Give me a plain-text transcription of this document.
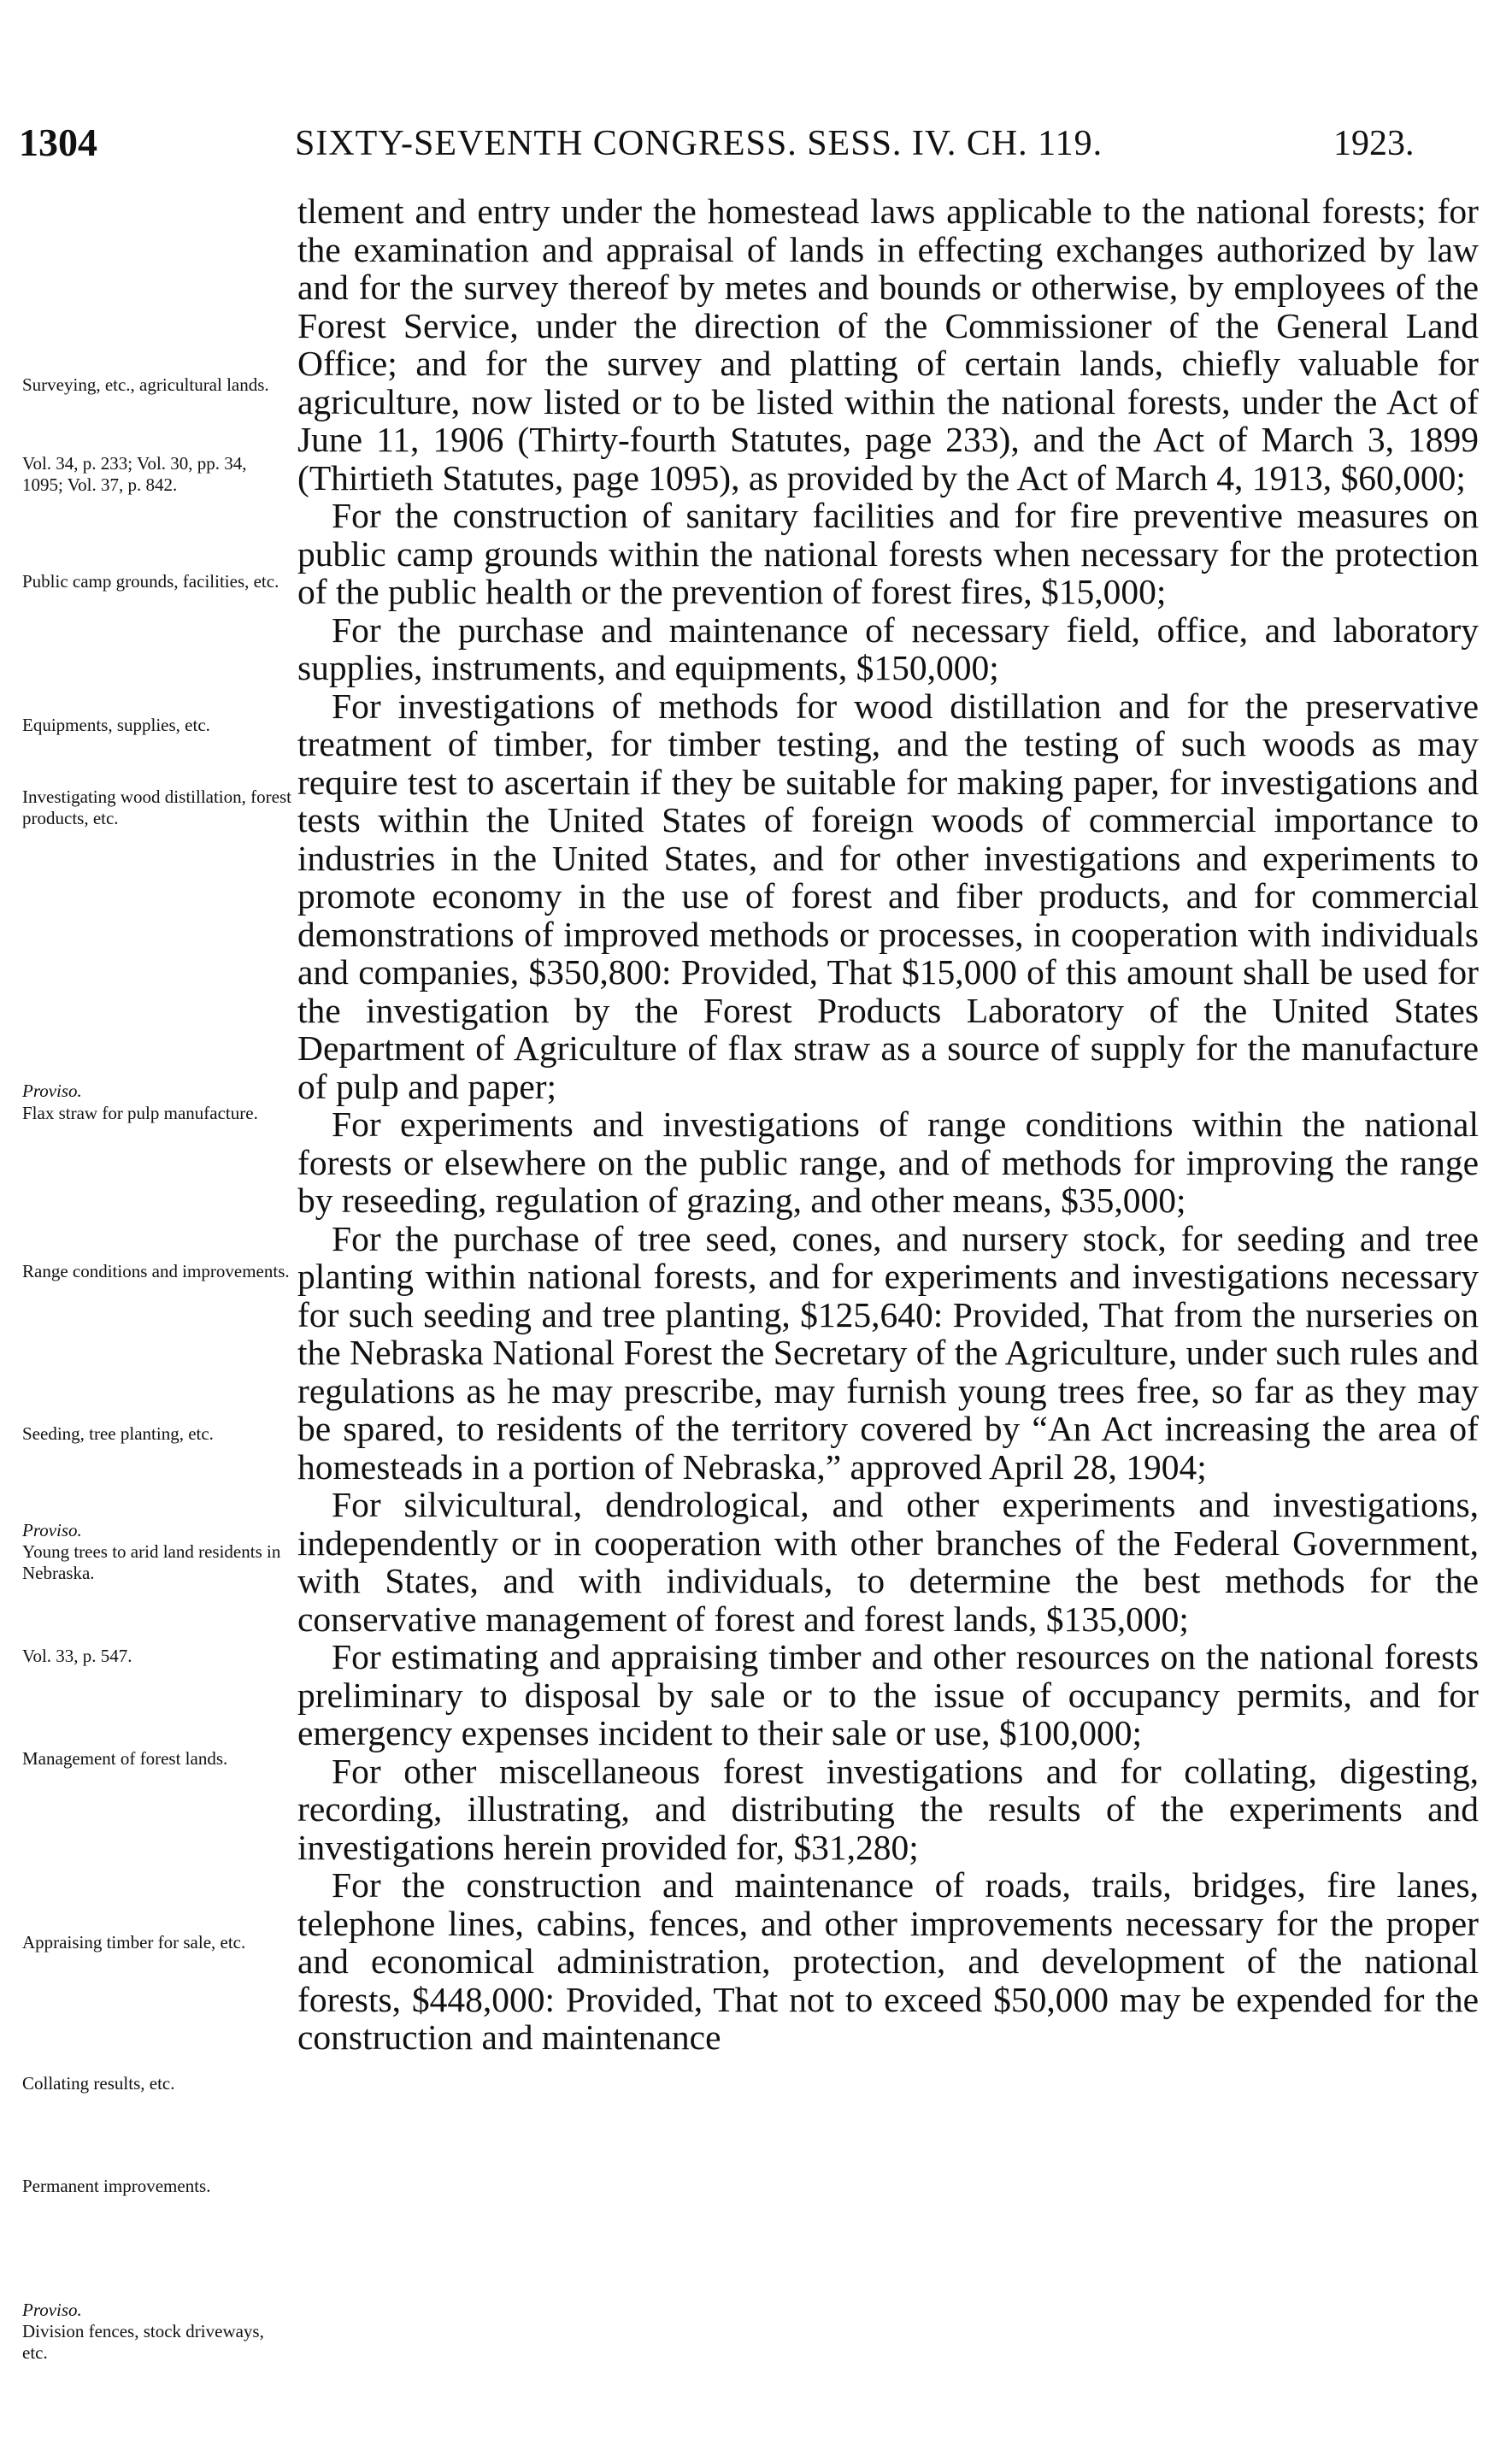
1304	SIXTY-SEVENTH CONGRESS. SESS. IV. CH. 119.	1923.
Surveying, etc., agricultural lands.
Vol. 34, p. 233; Vol. 30, pp. 34, 1095; Vol. 37, p. 842.
Public camp grounds, facilities, etc.
Equipments, supplies, etc.
Investigating wood distillation, forest products, etc.
Proviso.
Flax straw for pulp manufacture.
Range conditions and improvements.
Seeding, tree planting, etc.
Proviso.
Young trees to arid land residents in Nebraska.
Vol. 33, p. 547.
Management of forest lands.
Appraising timber for sale, etc.
Collating results, etc.
Permanent improvements.
Proviso.
Division fences, stock driveways, etc.

tlement and entry under the homestead laws applicable to the national forests; for the examination and appraisal of lands in effecting exchanges authorized by law and for the survey thereof by metes and bounds or otherwise, by employees of the Forest Service, under the direction of the Commissioner of the General Land Office; and for the survey and platting of certain lands, chiefly valuable for agriculture, now listed or to be listed within the national forests, under the Act of June 11, 1906 (Thirty-fourth Statutes, page 233), and the Act of March 3, 1899 (Thirtieth Statutes, page 1095), as provided by the Act of March 4, 1913, $60,000;

For the construction of sanitary facilities and for fire preventive measures on public camp grounds within the national forests when necessary for the protection of the public health or the prevention of forest fires, $15,000;

For the purchase and maintenance of necessary field, office, and laboratory supplies, instruments, and equipments, $150,000;

For investigations of methods for wood distillation and for the preservative treatment of timber, for timber testing, and the testing of such woods as may require test to ascertain if they be suitable for making paper, for investigations and tests within the United States of foreign woods of commercial importance to industries in the United States, and for other investigations and experiments to promote economy in the use of forest and fiber products, and for commercial demonstrations of improved methods or processes, in cooperation with individuals and companies, $350,800: Provided, That $15,000 of this amount shall be used for the investigation by the Forest Products Laboratory of the United States Department of Agriculture of flax straw as a source of supply for the manufacture of pulp and paper;

For experiments and investigations of range conditions within the national forests or elsewhere on the public range, and of methods for improving the range by reseeding, regulation of grazing, and other means, $35,000;

For the purchase of tree seed, cones, and nursery stock, for seeding and tree planting within national forests, and for experiments and investigations necessary for such seeding and tree planting, $125,640: Provided, That from the nurseries on the Nebraska National Forest the Secretary of the Agriculture, under such rules and regulations as he may prescribe, may furnish young trees free, so far as they may be spared, to residents of the territory covered by “An Act increasing the area of homesteads in a portion of Nebraska,” approved April 28, 1904;

For silvicultural, dendrological, and other experiments and investigations, independently or in cooperation with other branches of the Federal Government, with States, and with individuals, to determine the best methods for the conservative management of forest and forest lands, $135,000;

For estimating and appraising timber and other resources on the national forests preliminary to disposal by sale or to the issue of occupancy permits, and for emergency expenses incident to their sale or use, $100,000;

For other miscellaneous forest investigations and for collating, digesting, recording, illustrating, and distributing the results of the experiments and investigations herein provided for, $31,280;

For the construction and maintenance of roads, trails, bridges, fire lanes, telephone lines, cabins, fences, and other improvements necessary for the proper and economical administration, protection, and development of the national forests, $448,000: Provided, That not to exceed $50,000 may be expended for the construction and maintenance
